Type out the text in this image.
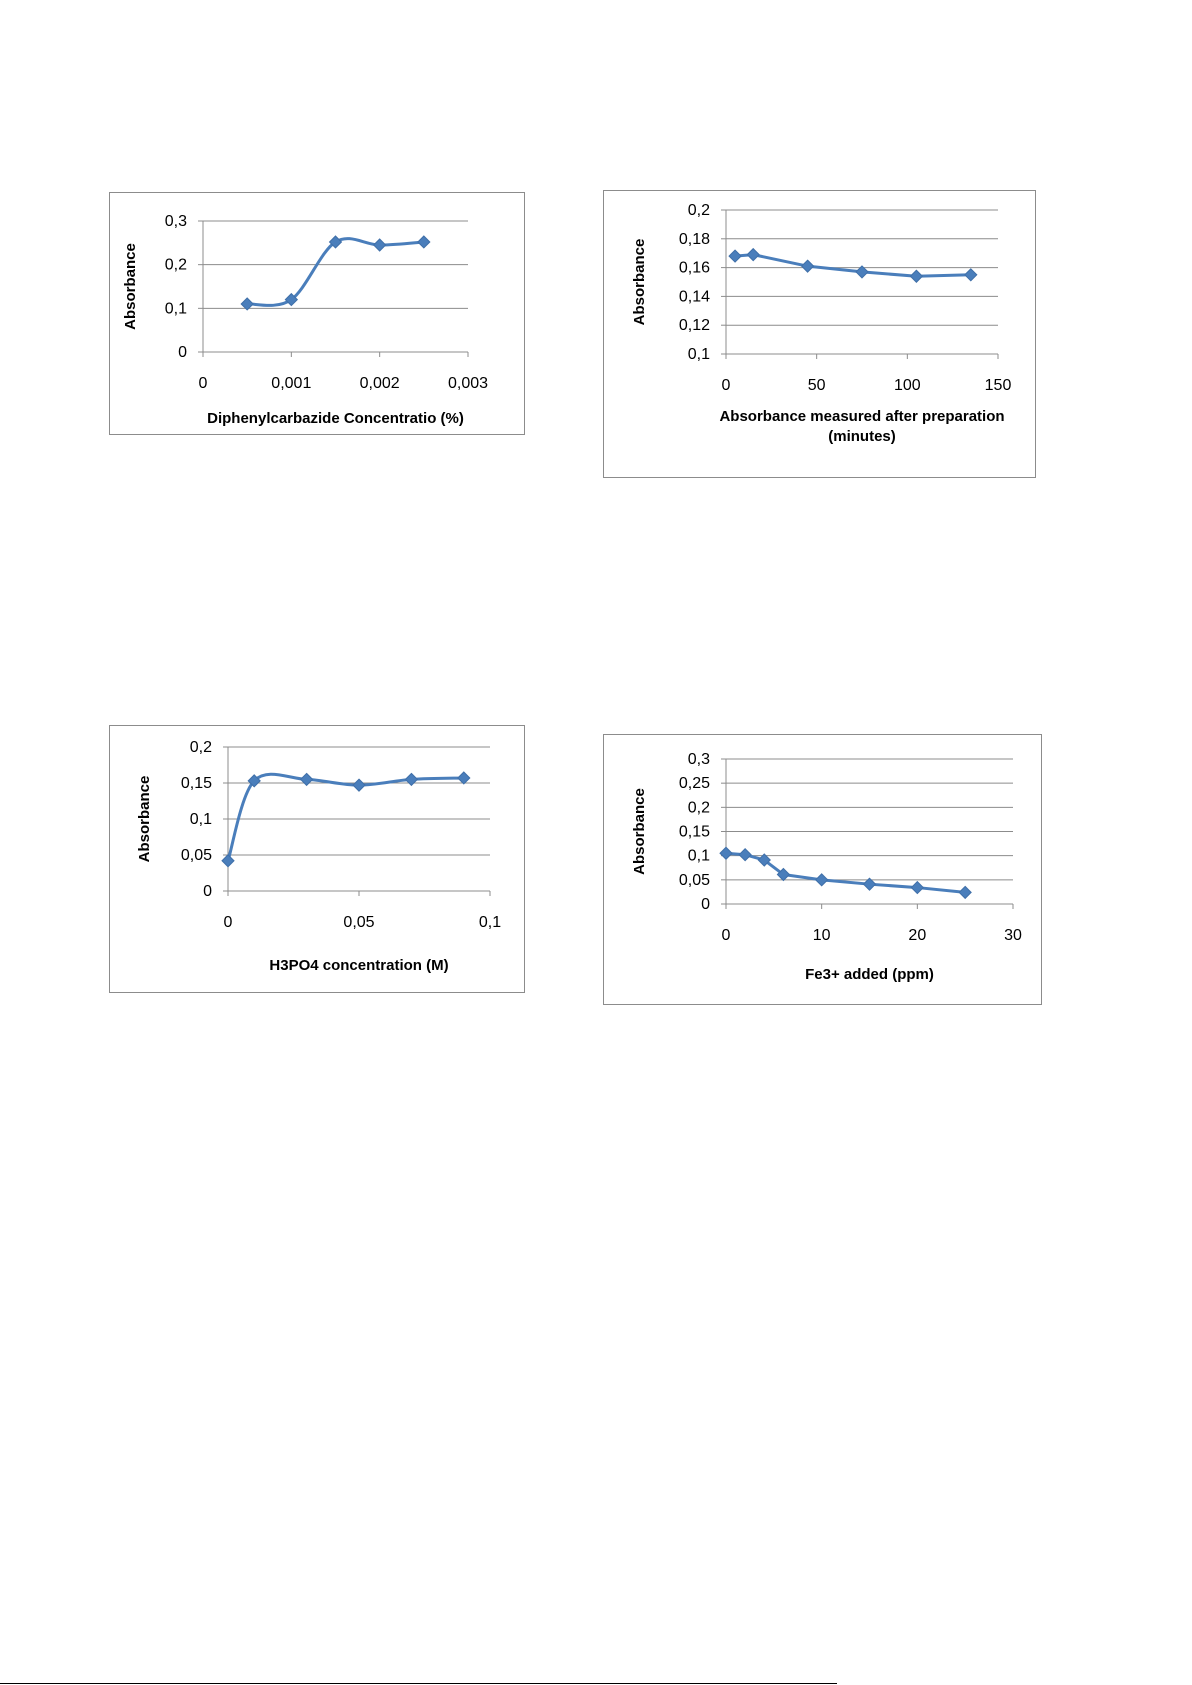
0
0,1
0,2
0,3
0	0,001	0,002	0,003
Absorbance
Diphenylcarbazide Concentratio (%)
0,1
0,12
0,14
0,16
0,18
0,2
0	50	100	150
Absorbance
Absorbance measured after preparation
(minutes)
0
0,05
0,1
0,15
0,2
0	0,05	0,1
Absorbance
H3PO4 concentration (M)
0
0,05
0,1
0,15
0,2
0,25
0,3
0	10	20	30
Absorbance
Fe3+ added (ppm)
